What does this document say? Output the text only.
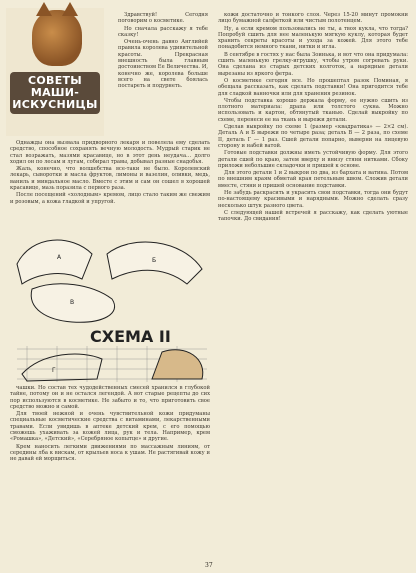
СОВЕТЫ
МАШИ-
ИСКУСНИЦЫ

Здравствуй! Сегодня поговорим о косметике.

Но сначала расскажу я тебе сказку!

Очень-очень давно Английей правила королева удивительной красоты. Прекрасная внешность была главным достоинством Ее Величества. И, конечно же, королева больше всего на свете боялась постареть и подурнеть.

Однажды она вызвала придворного лекаря и повелела ему сделать средство, способное сохранять вечную молодость. Мудрый старик не стал возражать, мазями красавице, но в этот день неудача… долго ходил он по лесам и лугам, собирал травы, добывал разные снадобья.

Жаль, конечно, что волшебства все-таки не было. Королевский лекарь, сыворотки и масла фруктов, лимоны и вазелин, оливки, медь, ваниль и миндальное масло. Вместе с этим и сам он сошел в хорошей красавице, мазь поразила с первого раза.

После посещений «холодным» кремом, лицо стало таким же свежим и розовым, а кожа гладкой и упругой.

А	Б
В
СХЕМА II
Г

чашки. Но состав тех чудодейственных смесей хранился в глубокой тайне, потому он и не остался легендой. А вот старые рецепты до сих пор используются в косметике. Не забыто и то, что приготовить свое средство можно и самой.

Для твоей нежной и очень чувствительной кожи придуманы специальные косметические средства с витаминами, лекарственными травами. Если увидишь в аптеке детский крем, с его помощью сможешь ухаживать за кожей лица, рук и тела. Например, крем «Ромашка», «Детский», «Серебряное копытце» и другие.

Крем наносить легкими движениями по массажным линиям, от середины лба к вискам, от крыльев носа к ушам. Не растягивай кожу и не давай ей морщиться.

кожи достаточно и тонкого слоя. Через 15-20 минут промокни лицо бумажной салфеткой или чистым полотенцем.

Ну, а если кремом пользовались не ты, а твоя кукла, что тогда? Попробуй сшить для нее маленькую мягкую куклу, которая будет хранить секреты красоты и ухода за кожей. Для этого тебе понадобится немного ткани, нитки и игла.

В сентябре в гостях у нас была Зоинька, и вот что она придумала: сшить маленькую грелку-игрушку, чтобы утром согревать руки. Она сделана из старых детских колготок, а нарядные детали вырезаны из яркого фетра.

О косметике сегодня все. Но прошептал разок Поминая, я обещала рассказать, как сделать подставки! Она пригодится тебе для сладкой ванночки или для хранения резинок.

Чтобы подставка хорошо держала форму, ее нужно сшить из плотного материала: драпа или толстого сукна. Можно использовать и картон, обтянутый тканью. Сделай выкройку по схеме, перенеси ее на ткань и вырежи детали.

Сделав выкройку по схеме 1 (размер «квадратика» — 2×2 см). Деталь А и Б вырежи по четыре раза; деталь В — 2 раза, по схеме II, деталь Г — 1 раз. Сшей детали попарно, выверни на лицевую сторону и набей ватой.

Готовые подставки должны иметь устойчивую форму. Для этого детали сшей по краю, затем вверху и внизу стяни нитками. Сбоку приложи небольшие складочки и пришей к основе.

Для этого детали 1 и 2 выкрои по два, из бархата и ватина. Потом по внешним краям обметай края петельным швом. Сложив детали вместе, стяни и пришей основание подставки.

Не забудь раскрасить и украсить свои подставки, тогда они будут по-настоящему красивыми и нарядными. Можно сделать сразу несколько штук разного цвета.

С следующей нашей встречей я расскажу, как сделать уютные тапочки. До свидания!

37
